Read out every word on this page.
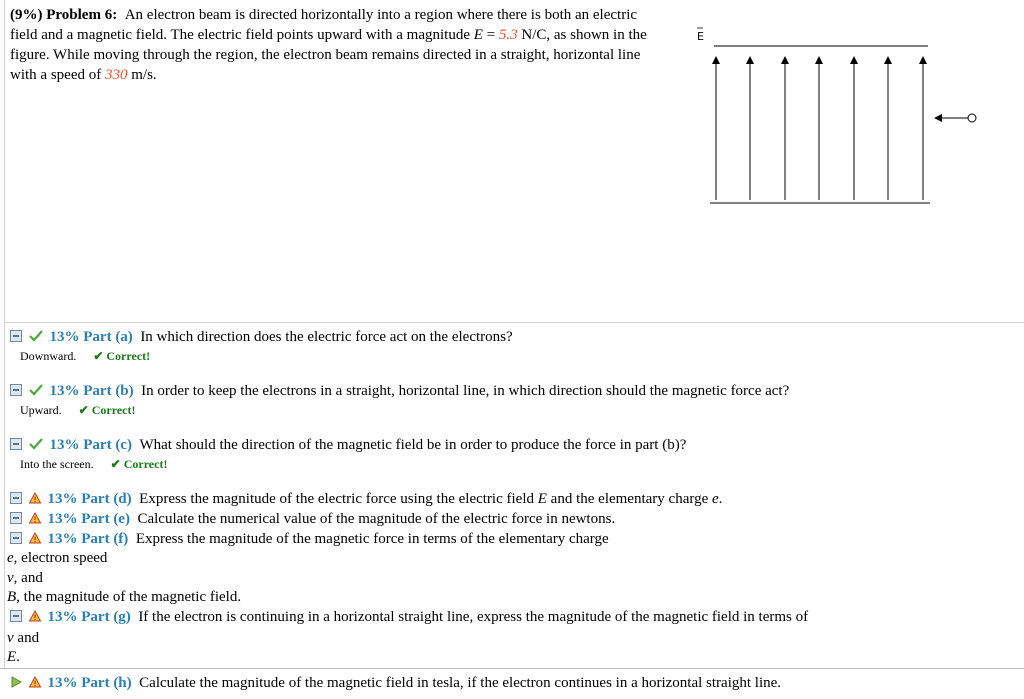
(9%) Problem 6: An electron beam is directed horizontally into a region where there is both an electric field and a magnetic field. The electric field points upward with a magnitude E = 5.3 N/C, as shown in the figure. While moving through the region, the electron beam remains directed in a straight, horizontal line with a speed of 330 m/s.
E
13% Part (a) In which direction does the electric force act on the electrons?
Downward. ✔ Correct!
13% Part (b) In order to keep the electrons in a straight, horizontal line, in which direction should the magnetic force act?
Upward. ✔ Correct!
13% Part (c) What should the direction of the magnetic field be in order to produce the force in part (b)?
Into the screen. ✔ Correct!
13% Part (d) Express the magnitude of the electric force using the electric field E and the elementary charge e.
13% Part (e) Calculate the numerical value of the magnitude of the electric force in newtons.
13% Part (f) Express the magnitude of the magnetic force in terms of the elementary charge
e, electron speed
v, and
B, the magnitude of the magnetic field.
13% Part (g) If the electron is continuing in a horizontal straight line, express the magnitude of the magnetic field in terms of
v and
E.
13% Part (h) Calculate the magnitude of the magnetic field in tesla, if the electron continues in a horizontal straight line.
